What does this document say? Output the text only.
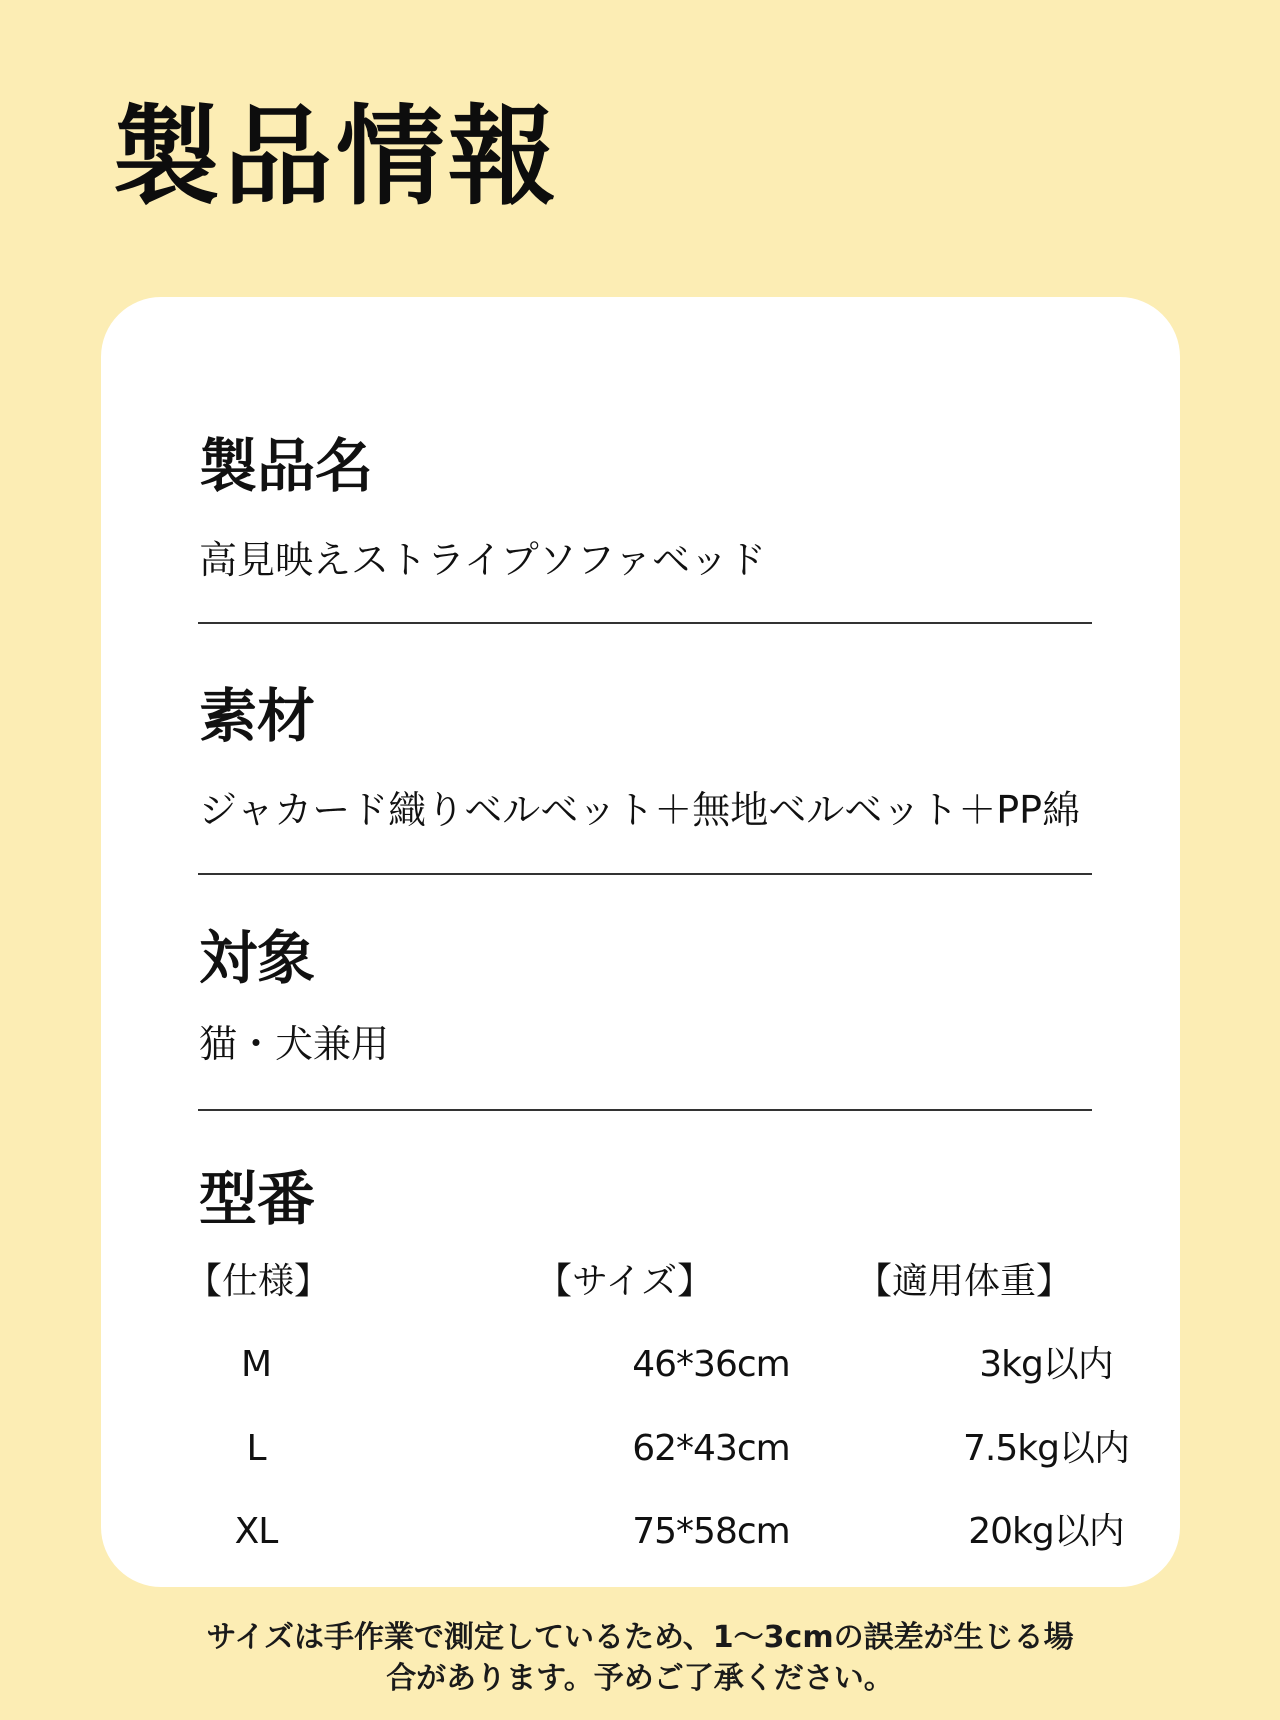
製品情報
製品名
高見映えストライプソファベッド
素材
ジャカード織りベルベット＋無地ベルベット＋PP綿
対象
猫・犬兼用
型番
【仕様】	【サイズ】	【適用体重】
M	46*36cm	3kg以内
L	62*43cm	7.5kg以内
XL	75*58cm	20kg以内
サイズは手作業で測定しているため、1～3cmの誤差が生じる場
合があります。予めご了承ください。
